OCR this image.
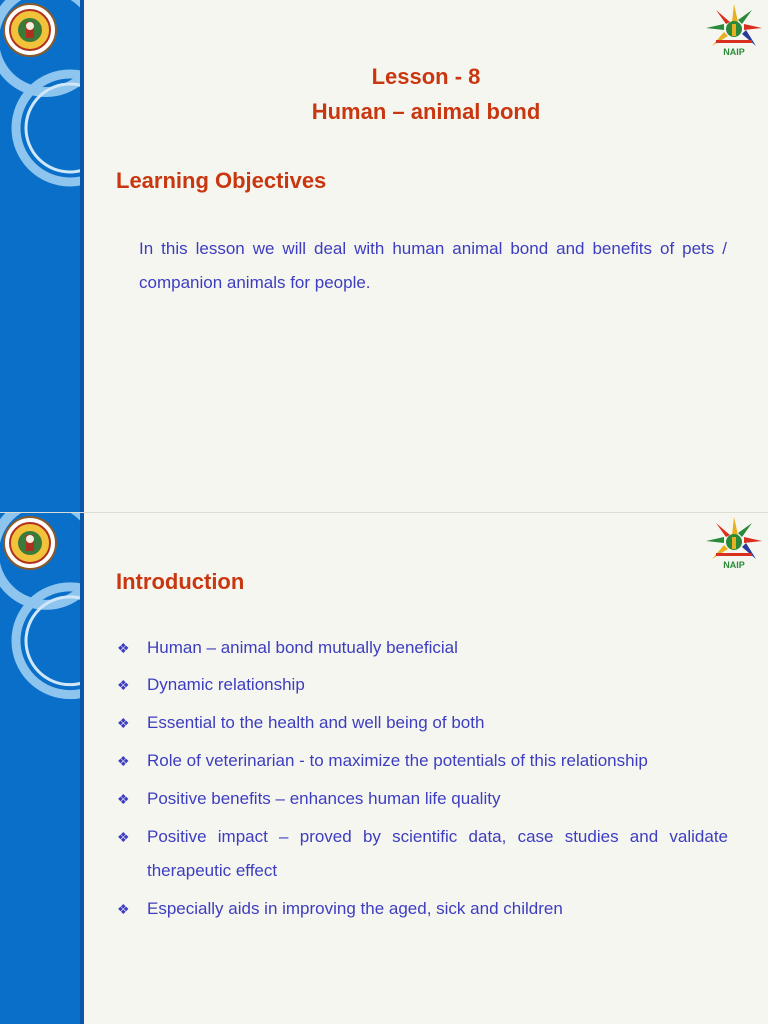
NAIP
Lesson - 8
Human – animal bond
Learning Objectives

In this lesson we will deal with human animal bond and benefits of pets / companion animals for people.

NAIP
Introduction
❖ Human – animal bond mutually beneficial
❖ Dynamic relationship
❖ Essential to the health and well being of both
❖ Role of veterinarian - to maximize the potentials of this relationship
❖ Positive benefits – enhances human life quality
❖ Positive impact – proved by scientific data, case studies and validate therapeutic effect
❖ Especially aids in improving the aged, sick and children
